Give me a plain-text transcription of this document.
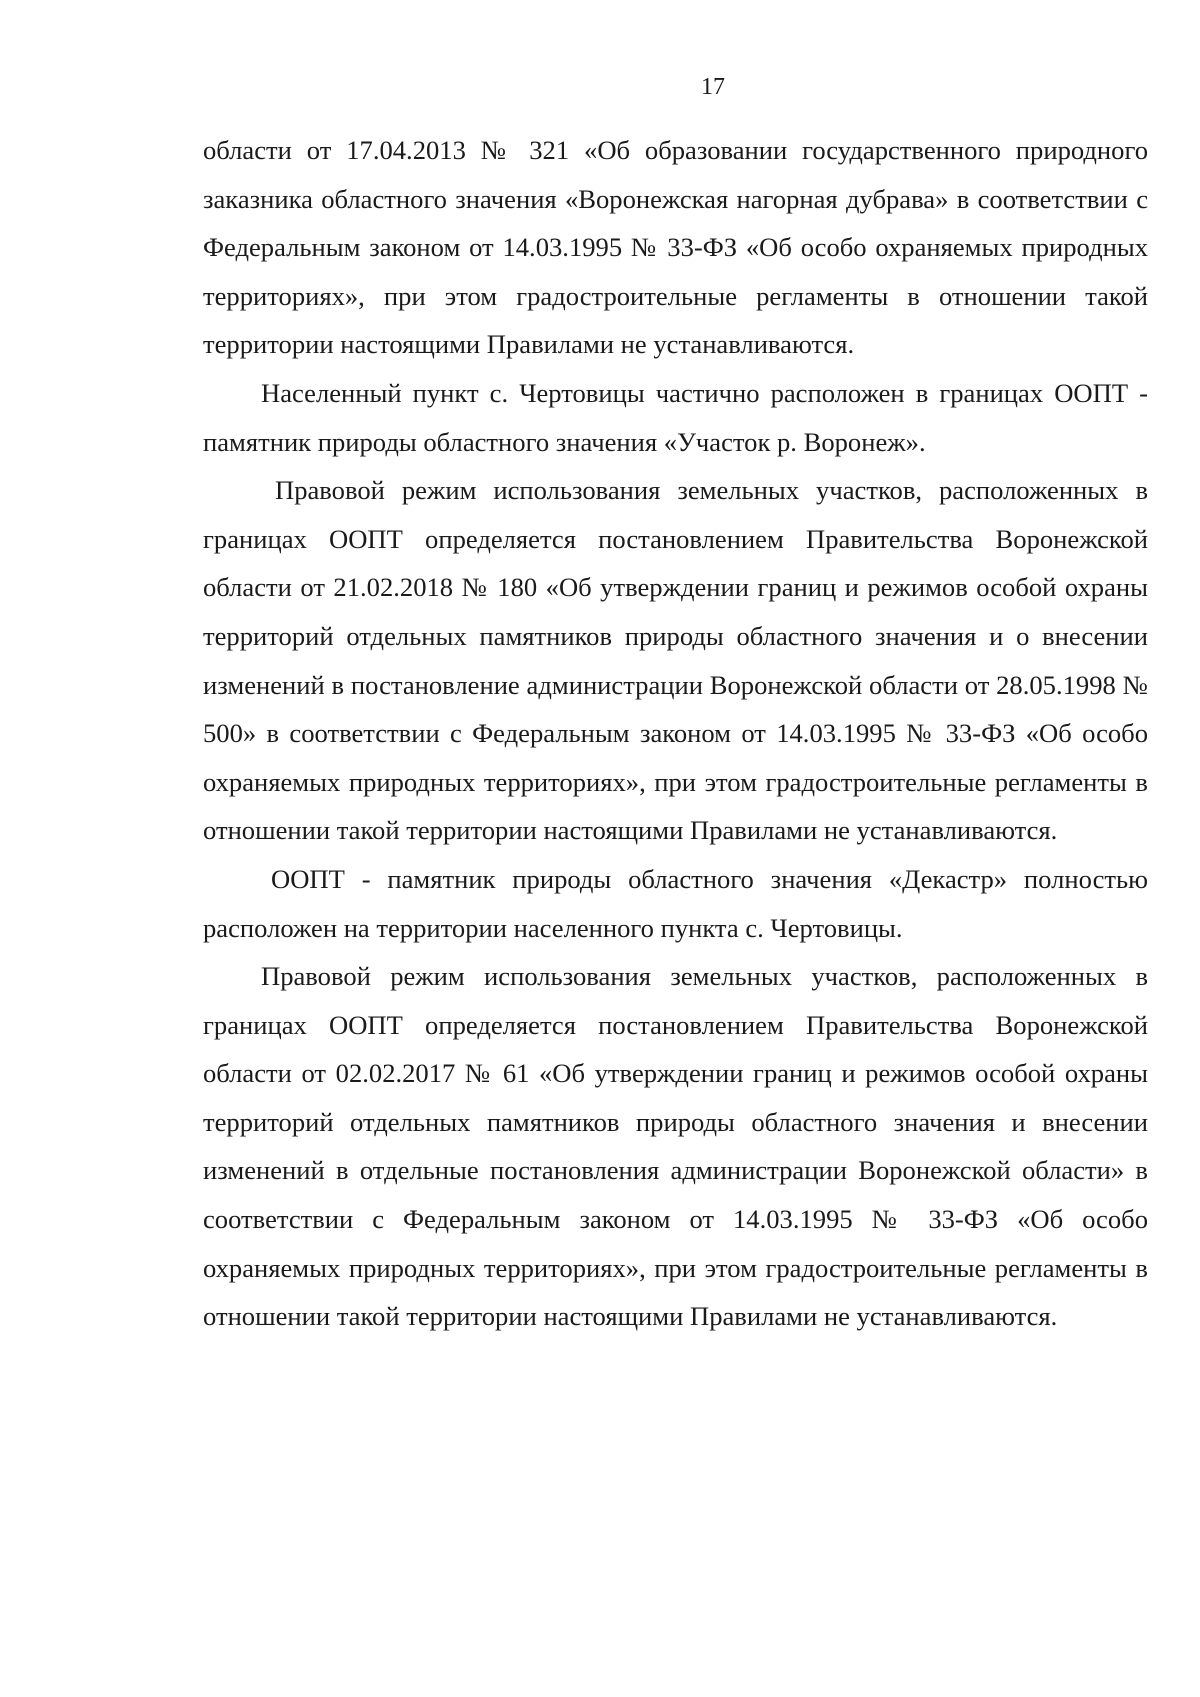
17

области от 17.04.2013 № 321 «Об образовании государственного природного заказника областного значения «Воронежская нагорная дубрава» в соответствии с Федеральным законом от 14.03.1995 № 33-ФЗ «Об особо охраняемых природных территориях», при этом градостроительные регламенты в отношении такой территории настоящими Правилами не устанавливаются.

Населенный пункт с. Чертовицы частично расположен в границах ООПТ - памятник природы областного значения «Участок р. Воронеж».

Правовой режим использования земельных участков, расположенных в границах ООПТ определяется постановлением Правительства Воронежской области от 21.02.2018 № 180 «Об утверждении границ и режимов особой охраны территорий отдельных памятников природы областного значения и о внесении изменений в постановление администрации Воронежской области от 28.05.1998 № 500» в соответствии с Федеральным законом от 14.03.1995 № 33-ФЗ «Об особо охраняемых природных территориях», при этом градостроительные регламенты в отношении такой территории настоящими Правилами не устанавливаются.

ООПТ - памятник природы областного значения «Декастр» полностью расположен на территории населенного пункта с. Чертовицы.

Правовой режим использования земельных участков, расположенных в границах ООПТ определяется постановлением Правительства Воронежской области от 02.02.2017 № 61 «Об утверждении границ и режимов особой охраны территорий отдельных памятников природы областного значения и внесении изменений в отдельные постановления администрации Воронежской области» в соответствии с Федеральным законом от 14.03.1995 № 33-ФЗ «Об особо охраняемых природных территориях», при этом градостроительные регламенты в отношении такой территории настоящими Правилами не устанавливаются.
